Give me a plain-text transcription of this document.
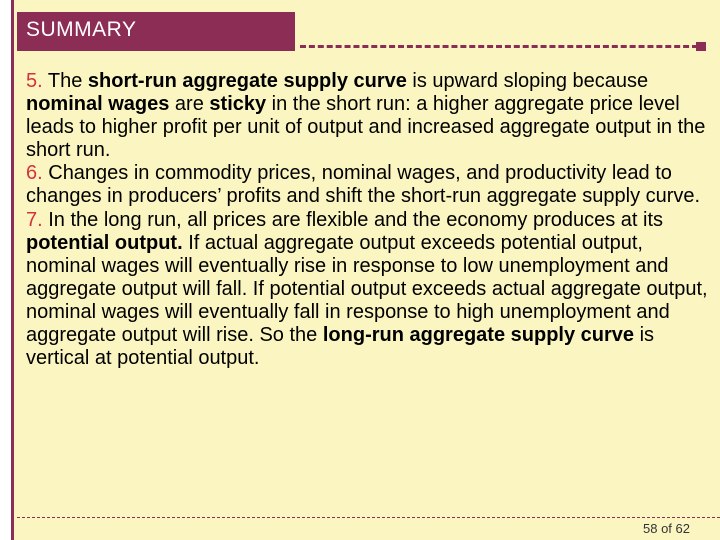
SUMMARY

5. The short-run aggregate supply curve is upward sloping because nominal wages are sticky in the short run: a higher aggregate price level leads to higher profit per unit of output and increased aggregate output in the short run.

6. Changes in commodity prices, nominal wages, and productivity lead to changes in producers’ profits and shift the short-run aggregate supply curve.

7. In the long run, all prices are flexible and the economy produces at its potential output. If actual aggregate output exceeds potential output, nominal wages will eventually rise in response to low unemployment and aggregate output will fall. If potential output exceeds actual aggregate output, nominal wages will eventually fall in response to high unemployment and aggregate output will rise. So the long-run aggregate supply curve is vertical at potential output.

58 of 62
